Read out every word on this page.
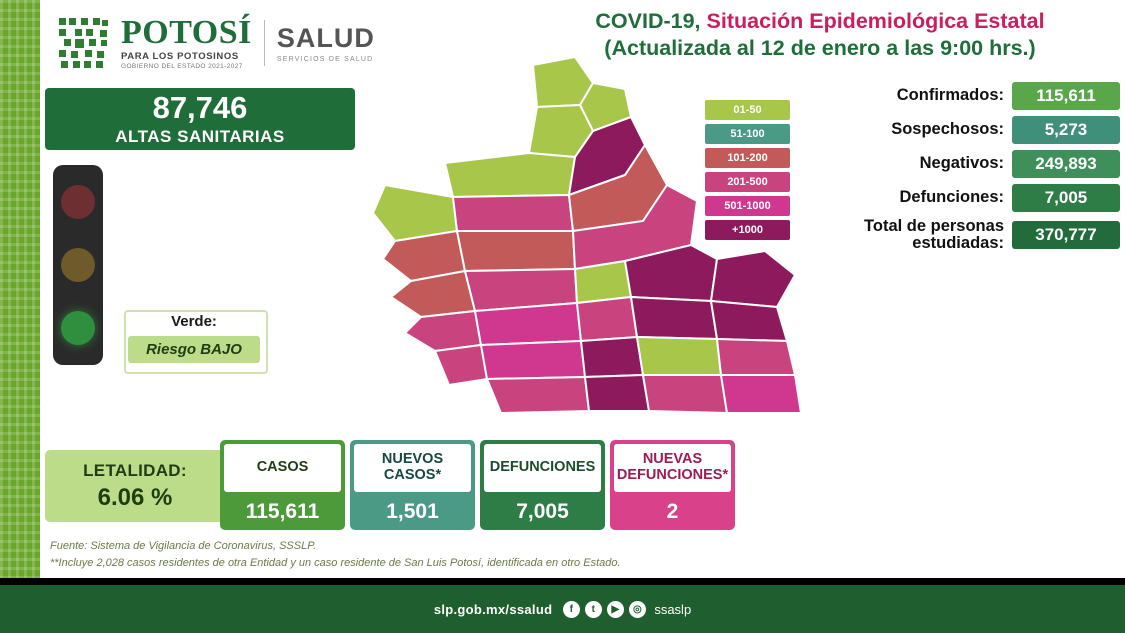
POTOSÍ
PARA LOS POTOSINOS
GOBIERNO DEL ESTADO 2021-2027
SALUD
SERVICIOS DE SALUD
COVID-19, Situación Epidemiológica Estatal
(Actualizada al 12 de enero a las 9:00 hrs.)
87,746
ALTAS SANITARIAS
Verde:
Riesgo BAJO
01-50
51-100
101-200
201-500
501-1000
+1000
Confirmados:	115,611
Sospechosos:	5,273
Negativos:	249,893
Defunciones:	7,005
Total de personas estudiadas:	370,777
LETALIDAD:
6.06 %
CASOS
115,611
NUEVOS CASOS*
1,501
DEFUNCIONES
7,005
NUEVAS DEFUNCIONES*
2
Fuente: Sistema de Vigilancia de Coronavirus, SSSLP.
**Incluye 2,028 casos residentes de otra Entidad y un caso residente de San Luis Potosí, identificada en otro Estado.
slp.gob.mx/ssalud	f	t	▶	◎ ssaslp
